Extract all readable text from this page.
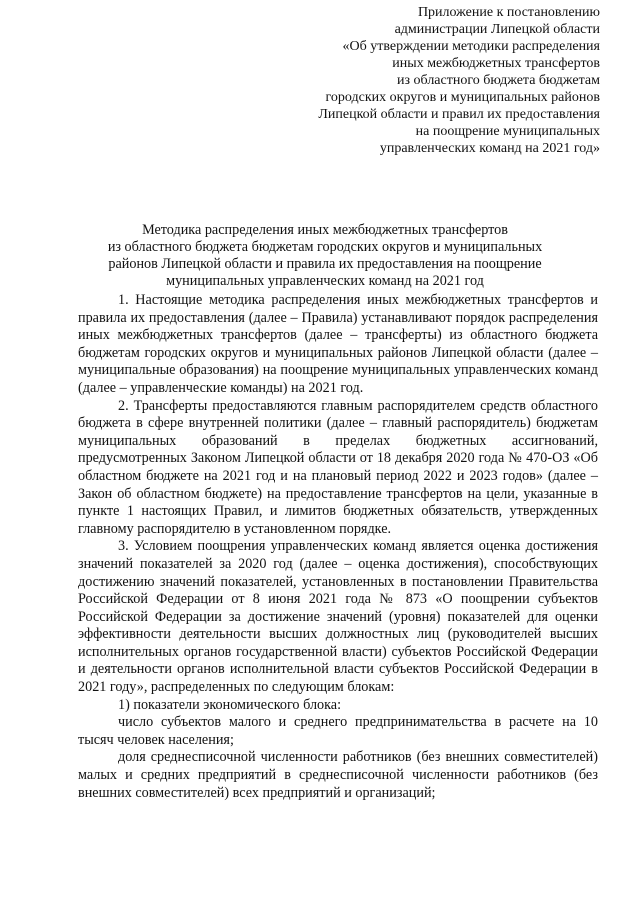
Приложение к постановлению
администрации Липецкой области
«Об утверждении методики распределения
иных межбюджетных трансфертов
из областного бюджета бюджетам
городских округов и муниципальных районов
Липецкой области и правил их предоставления
на поощрение муниципальных
управленческих команд на 2021 год»
Методика распределения иных межбюджетных трансфертов
из областного бюджета бюджетам городских округов и муниципальных
районов Липецкой области и правила их предоставления на поощрение
муниципальных управленческих команд на 2021 год

1. Настоящие методика распределения иных межбюджетных трансфертов и правила их предоставления (далее – Правила) устанавливают порядок распределения иных межбюджетных трансфертов (далее – трансферты) из областного бюджета бюджетам городских округов и муниципальных районов Липецкой области (далее – муниципальные образования) на поощрение муниципальных управленческих команд (далее – управленческие команды) на 2021 год.

2. Трансферты предоставляются главным распорядителем средств областного бюджета в сфере внутренней политики (далее – главный распорядитель) бюджетам муниципальных образований в пределах бюджетных ассигнований, предусмотренных Законом Липецкой области от 18 декабря 2020 года № 470-ОЗ «Об областном бюджете на 2021 год и на плановый период 2022 и 2023 годов» (далее – Закон об областном бюджете) на предоставление трансфертов на цели, указанные в пункте 1 настоящих Правил, и лимитов бюджетных обязательств, утвержденных главному распорядителю в установленном порядке.

3. Условием поощрения управленческих команд является оценка достижения значений показателей за 2020 год (далее – оценка достижения), способствующих достижению значений показателей, установленных в постановлении Правительства Российской Федерации от 8 июня 2021 года № 873 «О поощрении субъектов Российской Федерации за достижение значений (уровня) показателей для оценки эффективности деятельности высших должностных лиц (руководителей высших исполнительных органов государственной власти) субъектов Российской Федерации и деятельности органов исполнительной власти субъектов Российской Федерации в 2021 году», распределенных по следующим блокам:

1) показатели экономического блока:

число субъектов малого и среднего предпринимательства в расчете на 10 тысяч человек населения;

доля среднесписочной численности работников (без внешних совместителей) малых и средних предприятий в среднесписочной численности работников (без внешних совместителей) всех предприятий и организаций;
